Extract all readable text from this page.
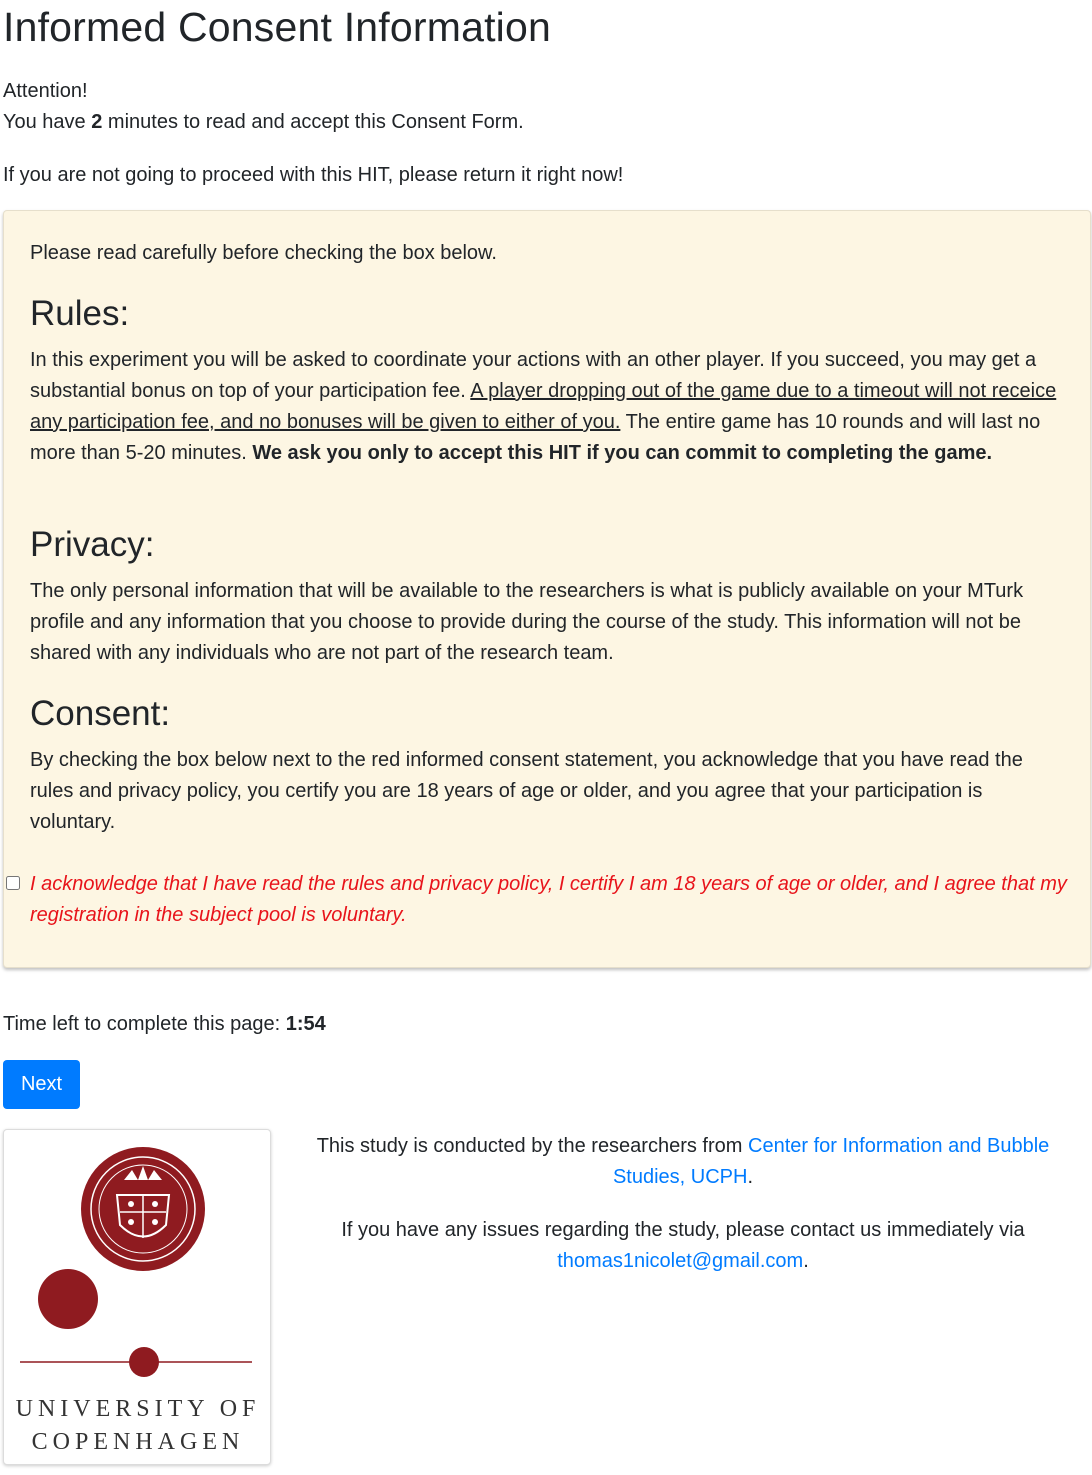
Informed Consent Information

Attention!

You have 2 minutes to read and accept this Consent Form.

If you are not going to proceed with this HIT, please return it right now!

Please read carefully before checking the box below.

Rules:

In this experiment you will be asked to coordinate your actions with an other player. If you succeed, you may get a substantial bonus on top of your participation fee. A player dropping out of the game due to a timeout will not receice any participation fee, and no bonuses will be given to either of you. The entire game has 10 rounds and will last no more than 5-20 minutes. We ask you only to accept this HIT if you can commit to completing the game.

Privacy:

The only personal information that will be available to the researchers is what is publicly available on your MTurk profile and any information that you choose to provide during the course of the study. This information will not be shared with any individuals who are not part of the research team.

Consent:

By checking the box below next to the red informed consent statement, you acknowledge that you have read the rules and privacy policy, you certify you are 18 years of age or older, and you agree that your participation is voluntary.

I acknowledge that I have read the rules and privacy policy, I certify I am 18 years of age or older, and I agree that my registration in the subject pool is voluntary.

Time left to complete this page: 1:54

Next
UNIVERSITY OF
COPENHAGEN

This study is conducted by the researchers from Center for Information and Bubble Studies, UCPH.

If you have any issues regarding the study, please contact us immediately via thomas1nicolet@gmail.com.
